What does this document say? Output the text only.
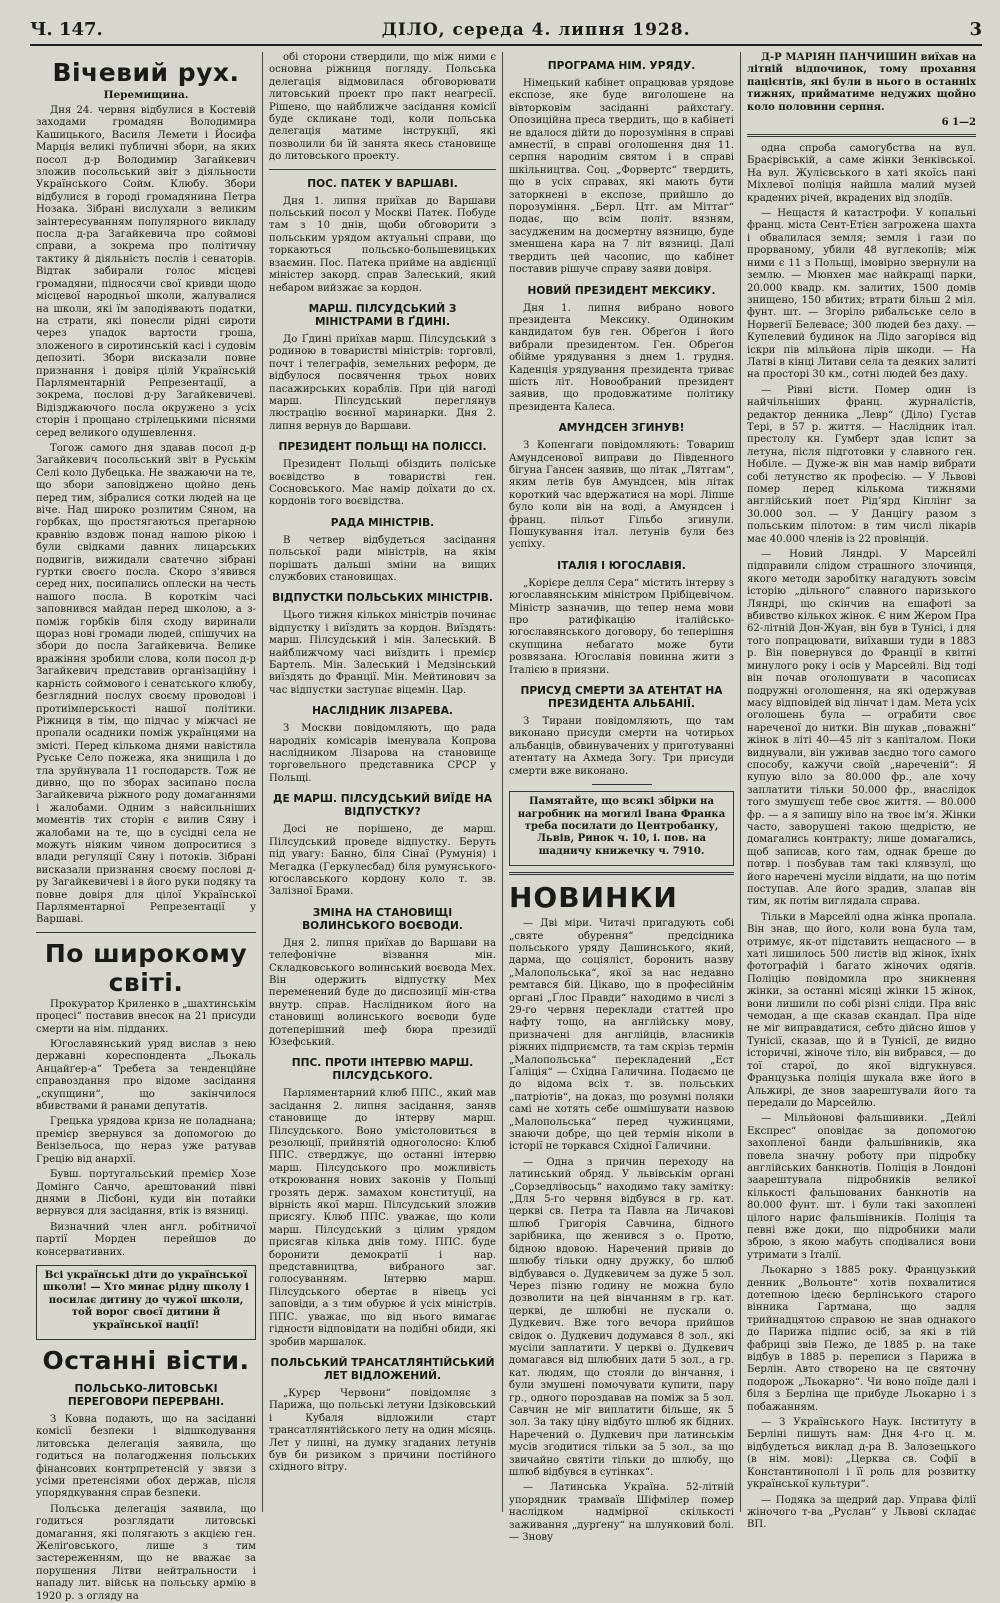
Ч. 147.	ДІЛО, середа 4. липня 1928.	3
Вічевий рух.
Перемищина.

Дня 24. червня відбулися в Костевій заходами громадян Володимира Кашицького, Василя Лемети і Йосифа Марція великі публичні збори, на яких посол д-р Володимир Загайкевич зложив посольський звіт з діяльности Українського Сойм. Клюбу. Збори відбулися в городі громадянина Петра Нозака. Зібрані вислухали з великим заінтересуванням популярного викладу посла д-ра Загайкевича про соймові справи, а зокрема про політичну тактику й діяльність послів і сенаторів. Відтак забирали голос місцеві громадяни, підносячи свої кривди щодо місцевої народньої школи, жалувалися на школи, які їм заподіявають податки, на страти, які понесли рідні сироти через упадок вартости гроша, зложеного в сиротинській касі і судовім депозиті. Збори висказали повне признання і довіря цілій Українській Парляментарній Репрезентації, а зокрема, послові д-ру Загайкевичеві. Відізджаючого посла окружено з усіх сторін і прощано стрілецькими піснями серед великого одушевлення.

Тогож самого дня здавав посол д-р Загайкевич посольський звіт в Руськім Селі коло Дубецька. Не зважаючи на те, що збори заповіджено щойно день перед тим, зібралися сотки людей на це віче. Над широко розлитим Сяном, на горбках, що простягаються прегарною кравнію вздовж понад нашою рікою і були свідками давних лицарських подвигів, вижидали сватечно зібрані гуртки своєго посла. Скоро з'явився серед них, посипались оплески на честь нашого посла. В короткім часі заповнився майдан перед школою, а з-поміж горбків біля сходу виринали щораз нові громади людей, спішучих на збори до посла Загайкевича. Велике вражіння зробили слова, коли посол д-р Загайкевич представив організаційну і карність соймового і сенатського клюбу, безглядний послух своєму проводові і протиімперськості нашої політики. Ріжниця в тім, що підчас у міжчасі не пропали осадники поміж українцями на змісті. Перед кількома днями навістила Руське Село пожежа, яка знищила і до тла зруйнувала 11 господарств. Тож не дивно, що по зборах засипано посла Загайкевича ріжного роду домаганнями і жалобами. Одним з найсильніших моментів тих сторін є вилив Сяну і жалобами на те, що в сусідні села не можуть ніяким чином допроситися з влади регуляції Сяну і потоків. Зібрані висказали признання своєму послові д-ру Загайкевичеві і в його руки подяку та повне довіря для цілої Української Парляментарної Репрезентації у Варшаві.

По широкому світі.

Прокуратор Криленко в „шахтинськім процесі“ поставив внесок на 21 присуди смерти на нім. підданих.

Югославянський уряд вислав з нею державні кореспондента „Льокаль Анцайґер-а“ Требета за тенденційне справоздання про відоме засідання „скупщини“, що закінчилося вбивствами й ранами депутатів.

Грецька урядова криза не поладнана; премієр звернувся за допомогою до Венізельоса, що нераз уже ратував Грецію від анархії.

Бувш. португальський премієр Хозе Домінго Санчо, арештований півні днями в Лісбоні, куди він потайки вернувся для засідання, втік із вязниці.

Визначний член англ. робітничої партії Морден перейшов до консервативних.

Всі українські діти до української школи! — Хто минає рідну школу і посилає дитину до чужої школи, той ворог своєї дитини й української нації!

Останні вісти.
ПОЛЬСЬКО-ЛИТОВСЬКІ ПЕРЕГОВОРИ ПЕРЕРВАНІ.

З Ковна подають, що на засіданні комісії безпеки і відшкодування литовська делегація заявила, що годиться на полагодження польських фінансових контрпретенсій у звязи з усіми претенсіями обох держав, після упорядкування справ безпеки.

Польська делегація заявила, що годиться розглядати литовські домагання, які полягають з акцією ген. Желіґовського, лише з тим застереженням, що не вважає за порушення Літви нейтральности і нападу лит. військ на польську армію в 1920 р. з огляду на

обі сторони ствердили, що між ними є основна ріжниця погляду. Польська делегація відмовилася обговорювати литовський проект про пакт неагресії. Рішено, що найближче засідання комісії буде скликане тоді, коли польська делегація матиме інструкції, які позволили би їй занята якесь становище до литовського проекту.

ПОС. ПАТЕК У ВАРШАВІ.

Дня 1. липня приїхав до Варшави польський посол у Москві Патек. Побуде там з 10 днів, щоби обговорити з польським урядом актуальні справи, що торкаються польсько-большевицьких взаємин. Пос. Патека прийме на авдієнції міністер закорд. справ Залеський, який небаром вийзжає за кордон.

МАРШ. ПІЛСУДСЬКИЙ З МІНІСТРАМИ В ҐДИНІ.

До Ґдині приїхав марш. Пілсудський з родиною в товаристві міністрів: торговлі, почт і телеграфів, земельних реформ, де відбулося посвячення трьох нових пасажирських кораблів. При цій нагоді марш. Пілсудський переглянув люстрацію воєнної маринарки. Дня 2. липня вернув до Варшави.

ПРЕЗИДЕНТ ПОЛЬЩІ НА ПОЛІССІ.

Президент Польщі обіздить поліське воєвідство в товаристві ген. Сосновського. Має намір доїхати до сх. кордонів того воєвідства.

РАДА МІНІСТРІВ.

В четвер відбудеться засідання польської ради міністрів, на якім порішать дальші зміни на вищих службових становищах.

ВІДПУСТКИ ПОЛЬСЬКИХ МІНІСТРІВ.

Цього тижня кількох міністрів починає відпустку і виїздить за кордон. Виїздять: марш. Пілсудський і мін. Залеський. В найближчому часі виїздить і премієр Бартель. Мін. Залеський і Медзінський виїздять до Франції. Мін. Мейтинович за час відпустки заступає віцемін. Цар.

НАСЛІДНИК ЛІЗАРЕВА.

З Москви повідомляють, що рада народніх комісарів іменувала Копрова наслідником Лізарова на становище торговельного представника СРСР у Польщі.

ДЕ МАРШ. ПІЛСУДСЬКИЙ ВИЇДЕ НА ВІДПУСТКУ?

Досі не порішено, де марш. Пілсудський проведе відпустку. Беруть під увагу: Банно, біля Сінаї (Румунія) і Мегадка (Геркулесбад) біля румунського-югославського кордону коло т. зв. Залізної Брами.

ЗМІНА НА СТАНОВИЩІ ВОЛИНСЬКОГО ВОЄВОДИ.

Дня 2. липня приїхав до Варшави на телефонічне візвання мін. Складковського волинський воєвода Мех. Він одержить відпустку Мех переменений буде до диспозиції мін-ства внутр. справ. Наслідником його на становищі волинського воєводи буде дотеперішний шеф бюра президії Юзефський.

ППС. ПРОТИ ІНТЕРВЮ МАРШ. ПІЛСУДСЬКОГО.

Парляментарний клюб ППС., який мав засідання 2. липня засідання, заняв становище до інтерву марш. Пілсудського. Воно умістоловиться в резолюції, прийнятій одноголосно: Клюб ППС. стверджує, що останні інтервю марш. Пілсудського про можливість откроювання нових законів у Польщі грозять держ. замахом конституції, на вірність якої марш. Пілсудський зложив присягу. Клюб ППС. уважає, що коли марш. Пілсудський з цілим урядом присягав кілька днів тому. ППС. буде боронити демократії і нар. представництва, вибраного заг. голосуванням. Інтервю марш. Пілсудського обертає в нівець усі заповіди, а з тим обурює й усіх міністрів. ППС. уважає, що від нього вимагає гідности відповідати на подібні обиди, які зробив маршалок.

ПОЛЬСЬКИЙ ТРАНСАТЛЯНТІЙСЬКИЙ ЛЕТ ВІДЛОЖЕНИЙ.

„Курєр Червони“ повідомляє з Парижа, що польські летуни Ідзіковський і Кубаля відложили старт трансатлянтійського лету на один місяць. Лет у липні, на думку згаданих летунів був би ризиком з причини постійного східного вітру.

ПРОГРАМА НІМ. УРЯДУ.

Німецький кабінет опрацював урядове експозе, яке буде виголошене на вівторковім засіданні райхстаґу. Опозиційна преса твердить, що в кабінеті не вдалося дійти до порозуміння в справі амнестії, в справі оголошення дня 11. серпня народнім святом і в справі шкільництва. Соц. „Форвертс“ твердить, що в усіх справах, які мають бути заторкнені в експозе, прийшло до порозуміння. „Берл. Цтг. ам Міттаг“ подає, що всім політ. вязням, засудженим на досмертну вязницю, буде зменшена кара на 7 літ вязниці. Далі твердить цей часопис, що кабінет поставив рішуче справу заяви довіря.

НОВИЙ ПРЕЗИДЕНТ МЕКСИКУ.

Дня 1. липня вибрано нового президента Мексику. Одиноким кандидатом був ген. Обреґон і його вибрали президентом. Ген. Обреґон обійме урядування з днем 1. грудня. Каденція урядування президента триває шість літ. Новообраний президент заявив, що продовжатиме політику президента Калеса.

АМУНДСЕН ЗГИНУВ!

З Копенгаги повідомляють: Товариш Амундсенової виправи до Південного бігуна Гансен заявив, що літак „Лятгам“, яким летів був Амундсен, мін літак короткий час вдержатися на морі. Ліпше було коли він на воді, а Амундсен і франц. пільот Гільбо згинули. Пошукування італ. летунів були без успіху.

ІТАЛІЯ І ЮГОСЛАВІЯ.

„Корієре делля Сера“ містить інтерву з югославянським міністром Прібіцевічом. Міністр зазначив, що тепер нема мови про ратифікацію італійсько-югославянського договору, бо теперішня скупщина небагато може бути розвязана. Югославія повинна жити з Італією в приязни.

ПРИСУД СМЕРТИ ЗА АТЕНТАТ НА ПРЕЗИДЕНТА АЛЬБАНІЇ.

З Тирани повідомляють, що там виконано присуди смерти на чотирьох альбанців, обвинувачених у приготуванні атентату на Ахмеда Зогу. Три присуди смерти вже виконано.

Памятайте, що всякі збірки на нагробник на могилі Івана Франка треба посилати до Центробанку, Львів, Ринок ч. 10, і. пов. на шадничу книжечку ч. 7910.

НОВИНКИ

— Дві міри. Читачі пригадують собі „святе обурення“ предсідника польського уряду Дашинського, який, дарма, що соціяліст, боронить назву „Малопольська“, якої за нас недавно ремтався бій. Цікаво, що в професійнім органі „Ґлос Правди“ находимо в числі з 29-го червня переклади статтей про нафту тощо, на англійську мову, призначені для англійців, власників ріжних підприємств, та там скрізь термін „Малопольська“ перекладений „Ест Ґаліція“ — Східна Галичина. Подаємо це до відома всіх т. зв. польських „патріотів“, на доказ, що розумні поляки самі не хотять себе ошмішувати назвою „Малопольська“ перед чужинцями, знаючи добре, що цей термін ніколи в історії не торкався Східної Галичини.

— Одна з причин переходу на латинський обряд. У львівськім органі „Сорзедлівосьць“ находимо таку замітку: „Для 5-го червня відбувся в гр. кат. церкві св. Петра та Павла на Личакові шлюб Григорія Савчина, бідного зарібника, що женився з о. Протю, бідною вдовою. Наречений привів до шлюбу тільки одну дружку, бо шлюб відбувався о. Дудкевичем за дуже 5 зол. Через пізню годину не можна було дозволити на цей вінчанням в гр. кат. церкві, де шлюбні не пускали о. Дудкевич. Вже того вечора прийшов свідок о. Дудкевич додумався 8 зол., які мусіли заплатити. У церкві о. Дудкевич домагався від шлюбних дати 5 зол., а гр. кат. людям, що стояли до вінчання, і були змушені помочувати купити, пару гр., одного пороздавав на поміж за 5 зол. Савчин не міг виплатити більше, як 5 зол. За таку ціну відбуто шлюб як бідних. Наречений о. Дудкевич при латинськім мусів згодитися тільки за 5 зол., за що звичайно святіти тільки до шлюбу, що шлюб відбувся в сутінках“.

— Латинська Україна. 52-літній упорядник трамваїв Шіфмілер помер наслідком надмірної скількості заживання „дурґену“ на шлунковий болі. — Знову

Д-Р МАРІЯН ПАНЧИШИН виїхав на літній відпочинок, тому прохання пацієнтів, які були в нього в останніх тижнях, прийматиме недужих щойно коло половини серпня.

6 1—2

одна спроба самогубства на вул. Браєрівській, а саме жінки Зенківської. На вул. Жулієвського в хаті якоїсь пані Міхлевої поліція найшла малий музей крадених річей, вкрадених від злодіїв.

— Нещастя й катастрофи. У копальні франц. міста Сент-Етієн загрожена шахта і обвалилася земля; земля і гази по прорваному, убили 48 вуглекопів; між ними є 11 з Польщі, імовірно звернули на землю. — Мюнхен має найкращі парки, 20.000 квадр. км. залитих, 1500 домів знищено, 150 вбитих; втрати більш 2 міл. фунт. шт. — Згоріло рибальське село в Норвегії Белевасе; 300 людей без даху. — Купелевий будинок на Лідо загорівся від іскри пів мільйона лірів шкоди. — На Латві в кінці Литави села та деяких залиті на просторі 30 км., сотні людей без даху.

— Рівні вісти. Помер один із найчільніших франц. журналістів, редактор денника „Левр“ (Діло) Густав Тері, в 57 р. життя. — Наслідник італ. престолу кн. Гумберт здав іспит за летуна, після підготовки у славного ген. Нобіле. — Дуже-ж він мав намір вибрати собі летунство як професію. — У Львові помер перед кількома тижнями англійський поет Рідʼярд Кіплінг за 30.000 зол. — У Данцігу разом з польським пілотом: в тим числі лікарів має 40.000 членів із 22 провінцій.

— Новий Ляндрі. У Марсейлі підправили слідом страшного злочинця, якого методи заробітку нагадують зовсім історію „дільного“ славного паризького Ляндрі, що скінчив на ешафоті за вбивство кількох жінок. Є ним Жером Пра 62-літній Дон-Жуан, він був в Тунісі, і для того попрацювати, виїхавши туди в 1883 р. Він повернувся до Франції в квітні минулого року і осів у Марсейлі. Від тоді він почав оголошувати в часописах подружні оголошення, на які одержував масу відповідей від лінчат і дам. Мета усіх оголошень була — ограбити своє нареченої до нитки. Він шукав „поважні“ жінок в літі 40—45 літ з капіталом. Поки виднували, він уживав заєдно того самого способу, кажучи своїй „нареченій“: Я купую віло за 80.000 фр., але хочу заплатити тільки 50.000 фр., внаслідок того змушуєш тебе своє життя. — 80.000 фр. — а я запишу віло на твоє імʼя. Жінки часто, заворушені такою щедрістю, не домагались контракту; лише домагались, щоб записав, кого там, однак бреше до потвр. і позбував там такі клявзулі, що його наречені мусіли віддати, на що потім поступав. Але його зрадив, злапав він тим, як потім виглядала справа.

Тільки в Марсейлі одна жінка пропала. Він знав, що його, коли вона була там, отримує, як-от підставить нещасного — в хаті лишилось 500 листів від жінок, їхніх фотографій і багато жіночих одягів. Поліцію повідомила про зникнення жінки, за останні місяці жінки 15 жінок, вони лишили по собі різні сліди. Пра вніс чемодан, а ще сказав скандал. Пра ніде не міг виправдатися, себто дійсно йшов у Тунісії, сказав, що й в Тунісії, де видно історичні, жіноче тіло, він вибрався, — до тої старої, до якої відгукнувся. Французька поліція шукала вже його в Альжирі, де знов заарештували його та передали до Марсейлю.

— Мільйонові фальшивики. „Дейлі Експрес“ оповідає за допомогою захопленої банди фальшівників, яка повела значну роботу при підробку англійських банкнотів. Поліція в Лондоні заарештувала підробників великої кількості фальшованих банкнотів на 80.000 фунт. шт. і були такі захоплені цілого нарис фальшівників. Поліція та певні вже доки, що підробники мали зброю, з якою мабуть сподівалися вони утримати з Італії.

Льокарно з 1885 року. Французький денник „Вольонте“ хотів похвалитися дотепною ідеєю берлінського старого вінника Гартмана, що задля трийнадцятою справою не знав однакого до Парижа підпис осіб, за які в тій фабриці звів Пежо, де 1885 р. на таке відбув в 1885 р. переписи з Парижа в Берлін. Авто створено на це святочну подорож „Льокарно“. Чи воно поїде далі і біля з Берліна ще прибуде Льокарно і з побажанням.

— З Українського Наук. Інституту в Берліні пишуть нам: Дня 4-го ц. м. відбудеться виклад д-ра В. Залозецького (в нім. мові): „Церква св. Софії в Константинополі і її роль для розвитку української культури“.

— Подяка за щедрий дар. Управа філії жіночого т-ва „Руслан“ у Львові складає ВП.
